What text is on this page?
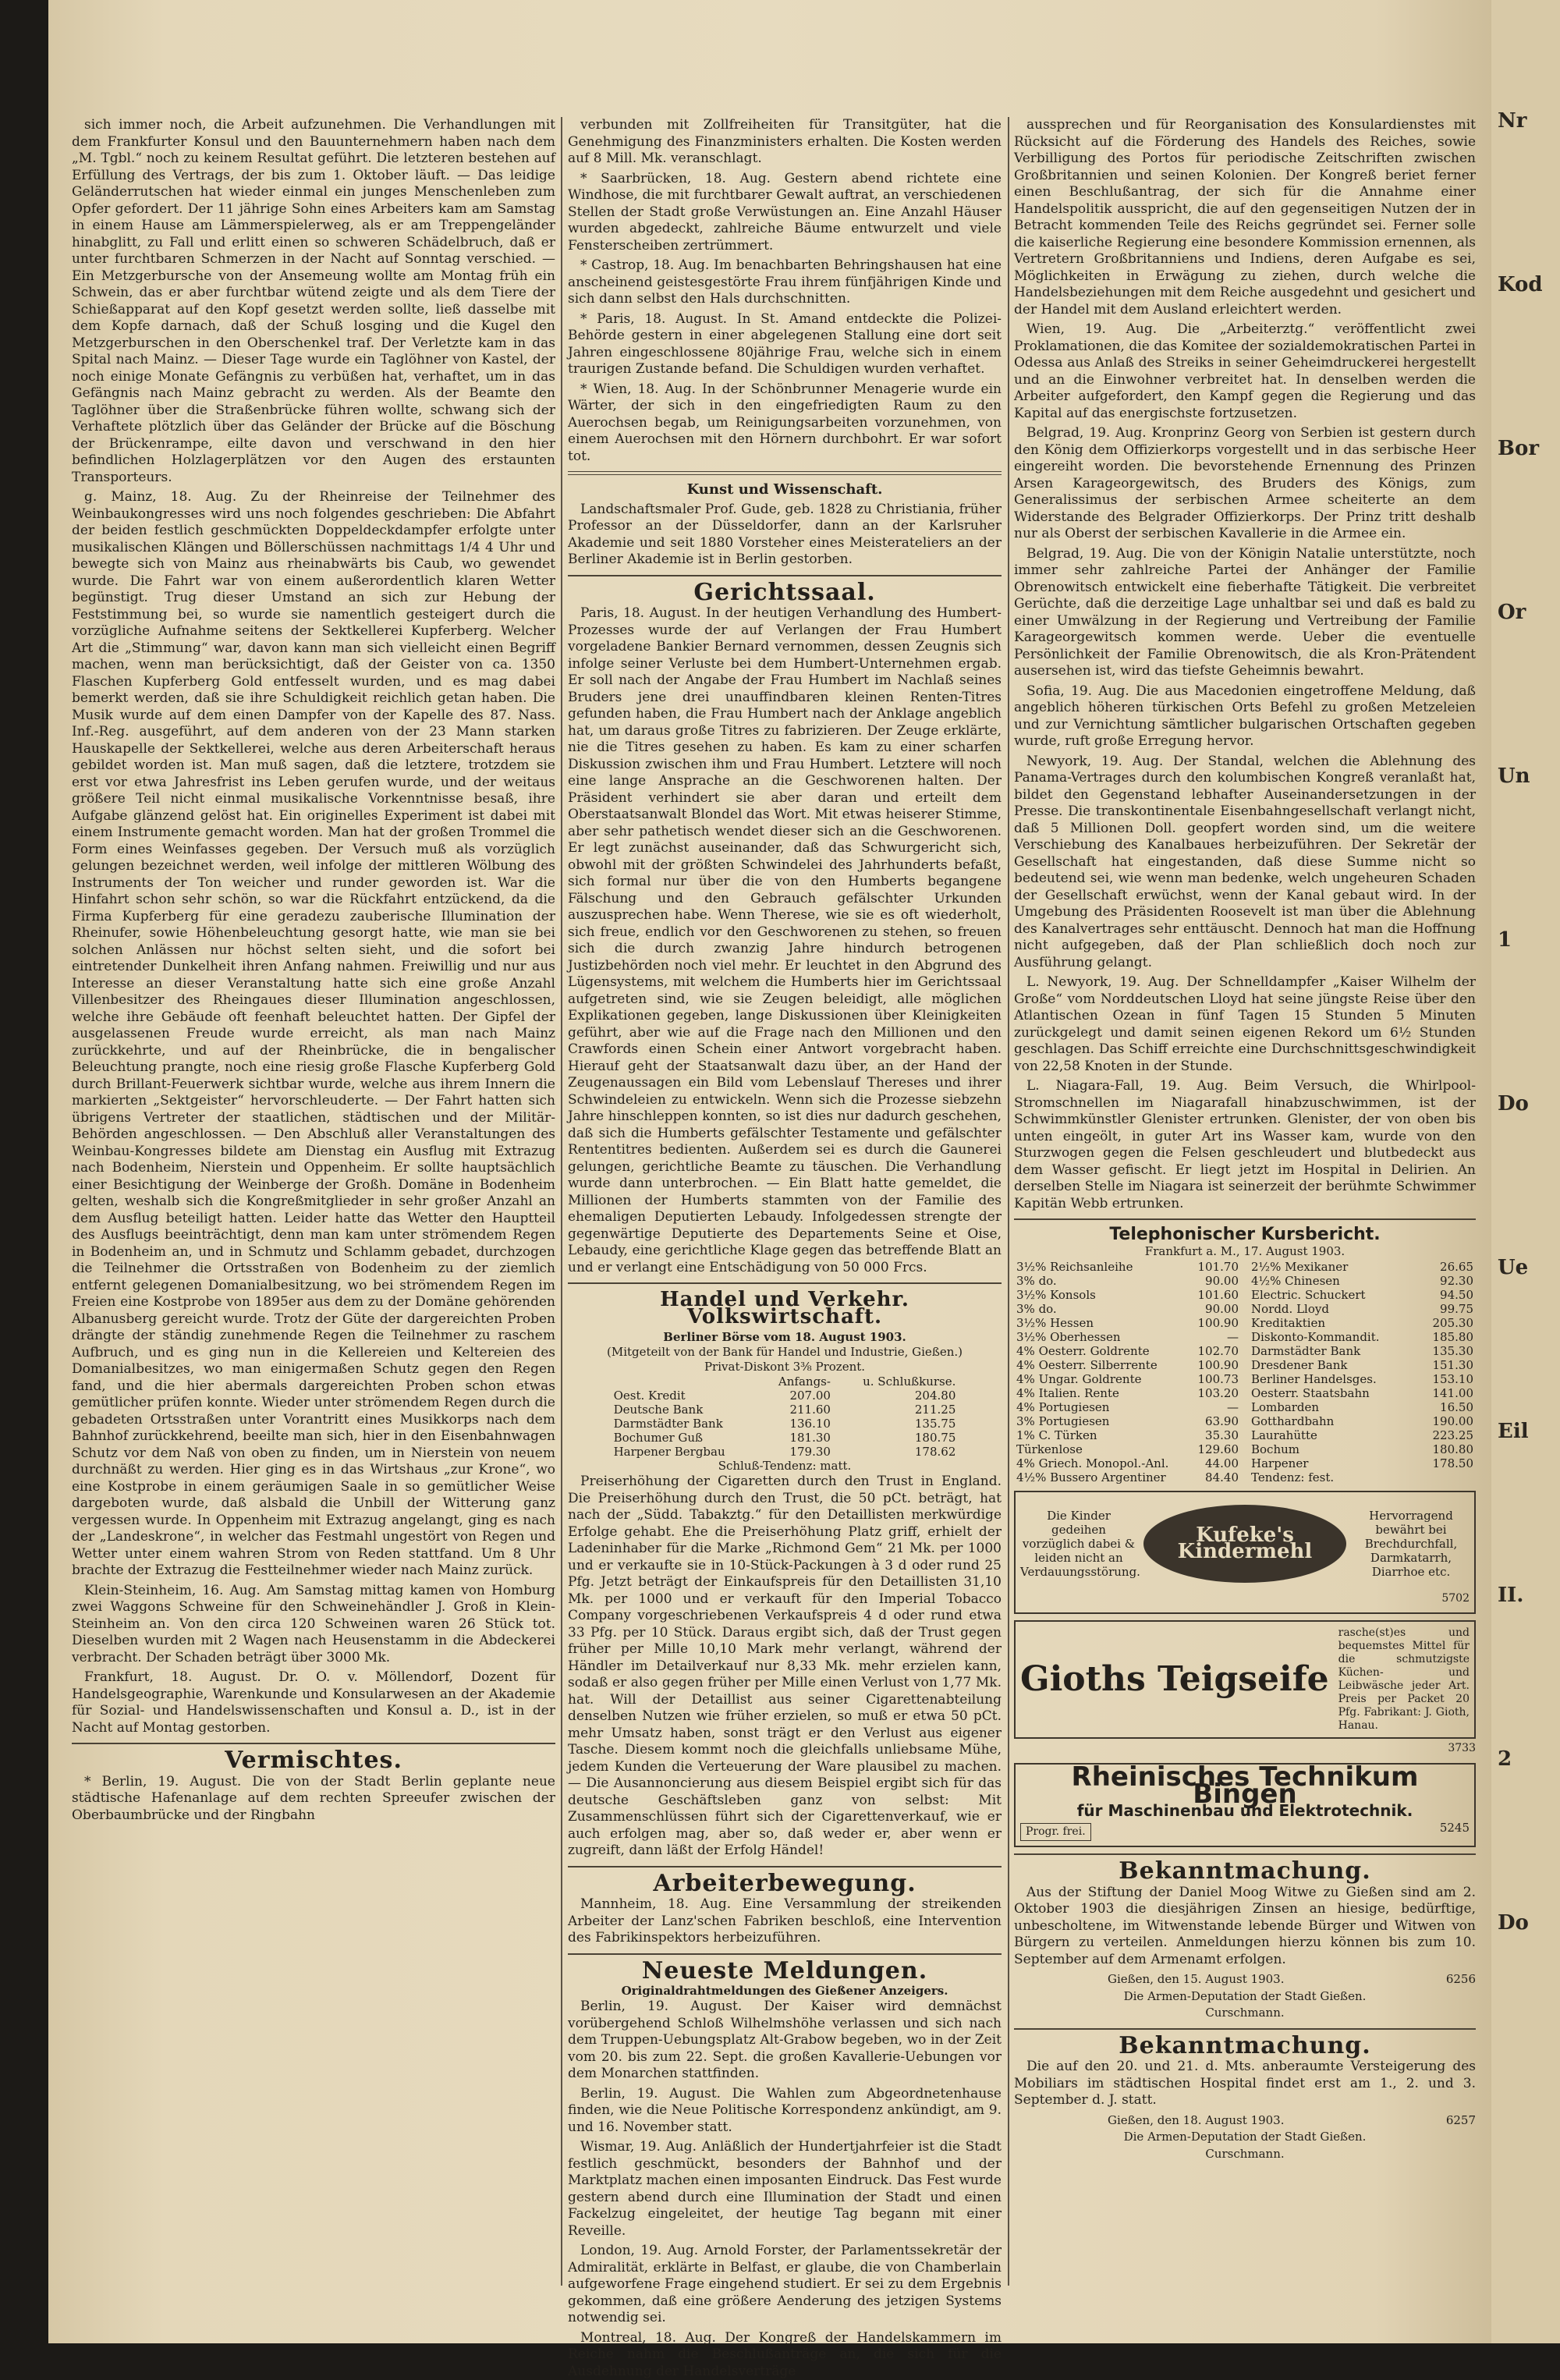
Nr
Kod
Bor
Or
Un
1
Do
Ue
Eil
II.
2
Do

sich immer noch, die Arbeit aufzunehmen. Die Verhandlungen mit dem Frankfurter Konsul und den Bauunternehmern haben nach dem „M. Tgbl.“ noch zu keinem Resultat geführt. Die letzteren bestehen auf Erfüllung des Vertrags, der bis zum 1. Oktober läuft. — Das leidige Geländerrutschen hat wieder einmal ein junges Menschenleben zum Opfer gefordert. Der 11 jährige Sohn eines Arbeiters kam am Samstag in einem Hause am Lämmerspielerweg, als er am Treppengeländer hinabglitt, zu Fall und erlitt einen so schweren Schädelbruch, daß er unter furchtbaren Schmerzen in der Nacht auf Sonntag verschied. — Ein Metzgerbursche von der Ansemeung wollte am Montag früh ein Schwein, das er aber furchtbar wütend zeigte und als dem Tiere der Schießapparat auf den Kopf gesetzt werden sollte, ließ dasselbe mit dem Kopfe darnach, daß der Schuß losging und die Kugel den Metzgerburschen in den Oberschenkel traf. Der Verletzte kam in das Spital nach Mainz. — Dieser Tage wurde ein Taglöhner von Kastel, der noch einige Monate Gefängnis zu verbüßen hat, verhaftet, um in das Gefängnis nach Mainz gebracht zu werden. Als der Beamte den Taglöhner über die Straßenbrücke führen wollte, schwang sich der Verhaftete plötzlich über das Geländer der Brücke auf die Böschung der Brückenrampe, eilte davon und verschwand in den hier befindlichen Holzlagerplätzen vor den Augen des erstaunten Transporteurs.

g. Mainz, 18. Aug. Zu der Rheinreise der Teilnehmer des Weinbaukongresses wird uns noch folgendes geschrieben: Die Abfahrt der beiden festlich geschmückten Doppeldeckdampfer erfolgte unter musikalischen Klängen und Böllerschüssen nachmittags 1/4 4 Uhr und bewegte sich von Mainz aus rheinabwärts bis Caub, wo gewendet wurde. Die Fahrt war von einem außerordentlich klaren Wetter begünstigt. Trug dieser Umstand an sich zur Hebung der Feststimmung bei, so wurde sie namentlich gesteigert durch die vorzügliche Aufnahme seitens der Sektkellerei Kupferberg. Welcher Art die „Stimmung“ war, davon kann man sich vielleicht einen Begriff machen, wenn man berücksichtigt, daß der Geister von ca. 1350 Flaschen Kupferberg Gold entfesselt wurden, und es mag dabei bemerkt werden, daß sie ihre Schuldigkeit reichlich getan haben. Die Musik wurde auf dem einen Dampfer von der Kapelle des 87. Nass. Inf.-Reg. ausgeführt, auf dem anderen von der 23 Mann starken Hauskapelle der Sektkellerei, welche aus deren Arbeiterschaft heraus gebildet worden ist. Man muß sagen, daß die letztere, trotzdem sie erst vor etwa Jahresfrist ins Leben gerufen wurde, und der weitaus größere Teil nicht einmal musikalische Vorkenntnisse besaß, ihre Aufgabe glänzend gelöst hat. Ein originelles Experiment ist dabei mit einem Instrumente gemacht worden. Man hat der großen Trommel die Form eines Weinfasses gegeben. Der Versuch muß als vorzüglich gelungen bezeichnet werden, weil infolge der mittleren Wölbung des Instruments der Ton weicher und runder geworden ist. War die Hinfahrt schon sehr schön, so war die Rückfahrt entzückend, da die Firma Kupferberg für eine geradezu zauberische Illumination der Rheinufer, sowie Höhenbeleuchtung gesorgt hatte, wie man sie bei solchen Anlässen nur höchst selten sieht, und die sofort bei eintretender Dunkelheit ihren Anfang nahmen. Freiwillig und nur aus Interesse an dieser Veranstaltung hatte sich eine große Anzahl Villenbesitzer des Rheingaues dieser Illumination angeschlossen, welche ihre Gebäude oft feenhaft beleuchtet hatten. Der Gipfel der ausgelassenen Freude wurde erreicht, als man nach Mainz zurückkehrte, und auf der Rheinbrücke, die in bengalischer Beleuchtung prangte, noch eine riesig große Flasche Kupferberg Gold durch Brillant-Feuerwerk sichtbar wurde, welche aus ihrem Innern die markierten „Sektgeister“ hervorschleuderte. — Der Fahrt hatten sich übrigens Vertreter der staatlichen, städtischen und der Militär-Behörden angeschlossen. — Den Abschluß aller Veranstaltungen des Weinbau-Kongresses bildete am Dienstag ein Ausflug mit Extrazug nach Bodenheim, Nierstein und Oppenheim. Er sollte hauptsächlich einer Besichtigung der Weinberge der Großh. Domäne in Bodenheim gelten, weshalb sich die Kongreßmitglieder in sehr großer Anzahl an dem Ausflug beteiligt hatten. Leider hatte das Wetter den Hauptteil des Ausflugs beeinträchtigt, denn man kam unter strömendem Regen in Bodenheim an, und in Schmutz und Schlamm gebadet, durchzogen die Teilnehmer die Ortsstraßen von Bodenheim zu der ziemlich entfernt gelegenen Domanialbesitzung, wo bei strömendem Regen im Freien eine Kostprobe von 1895er aus dem zu der Domäne gehörenden Albanusberg gereicht wurde. Trotz der Güte der dargereichten Proben drängte der ständig zunehmende Regen die Teilnehmer zu raschem Aufbruch, und es ging nun in die Kellereien und Keltereien des Domanialbesitzes, wo man einigermaßen Schutz gegen den Regen fand, und die hier abermals dargereichten Proben schon etwas gemütlicher prüfen konnte. Wieder unter strömendem Regen durch die gebadeten Ortsstraßen unter Vorantritt eines Musikkorps nach dem Bahnhof zurückkehrend, beeilte man sich, hier in den Eisenbahnwagen Schutz vor dem Naß von oben zu finden, um in Nierstein von neuem durchnäßt zu werden. Hier ging es in das Wirtshaus „zur Krone“, wo eine Kostprobe in einem geräumigen Saale in so gemütlicher Weise dargeboten wurde, daß alsbald die Unbill der Witterung ganz vergessen wurde. In Oppenheim mit Extrazug angelangt, ging es nach der „Landeskrone“, in welcher das Festmahl ungestört von Regen und Wetter unter einem wahren Strom von Reden stattfand. Um 8 Uhr brachte der Extrazug die Festteilnehmer wieder nach Mainz zurück.

Klein-Steinheim, 16. Aug. Am Samstag mittag kamen von Homburg zwei Waggons Schweine für den Schweinehändler J. Groß in Klein-Steinheim an. Von den circa 120 Schweinen waren 26 Stück tot. Dieselben wurden mit 2 Wagen nach Heusenstamm in die Abdeckerei verbracht. Der Schaden beträgt über 3000 Mk.

Frankfurt, 18. August. Dr. O. v. Möllendorf, Dozent für Handelsgeographie, Warenkunde und Konsularwesen an der Akademie für Sozial- und Handelswissenschaften und Konsul a. D., ist in der Nacht auf Montag gestorben.

Vermischtes.

* Berlin, 19. August. Die von der Stadt Berlin geplante neue städtische Hafenanlage auf dem rechten Spreeufer zwischen der Oberbaumbrücke und der Ringbahn

verbunden mit Zollfreiheiten für Transitgüter, hat die Genehmigung des Finanzministers erhalten. Die Kosten werden auf 8 Mill. Mk. veranschlagt.

* Saarbrücken, 18. Aug. Gestern abend richtete eine Windhose, die mit furchtbarer Gewalt auftrat, an verschiedenen Stellen der Stadt große Verwüstungen an. Eine Anzahl Häuser wurden abgedeckt, zahlreiche Bäume entwurzelt und viele Fensterscheiben zertrümmert.

* Castrop, 18. Aug. Im benachbarten Behringshausen hat eine anscheinend geistesgestörte Frau ihrem fünfjährigen Kinde und sich dann selbst den Hals durchschnitten.

* Paris, 18. August. In St. Amand entdeckte die Polizei-Behörde gestern in einer abgelegenen Stallung eine dort seit Jahren eingeschlossene 80jährige Frau, welche sich in einem traurigen Zustande befand. Die Schuldigen wurden verhaftet.

* Wien, 18. Aug. In der Schönbrunner Menagerie wurde ein Wärter, der sich in den eingefriedigten Raum zu den Auerochsen begab, um Reinigungsarbeiten vorzunehmen, von einem Auerochsen mit den Hörnern durchbohrt. Er war sofort tot.

Kunst und Wissenschaft.

Landschaftsmaler Prof. Gude, geb. 1828 zu Christiania, früher Professor an der Düsseldorfer, dann an der Karlsruher Akademie und seit 1880 Vorsteher eines Meisterateliers an der Berliner Akademie ist in Berlin gestorben.

Gerichtssaal.

Paris, 18. August. In der heutigen Verhandlung des Humbert-Prozesses wurde der auf Verlangen der Frau Humbert vorgeladene Bankier Bernard vernommen, dessen Zeugnis sich infolge seiner Verluste bei dem Humbert-Unternehmen ergab. Er soll nach der Angabe der Frau Humbert im Nachlaß seines Bruders jene drei unauffindbaren kleinen Renten-Titres gefunden haben, die Frau Humbert nach der Anklage angeblich hat, um daraus große Titres zu fabrizieren. Der Zeuge erklärte, nie die Titres gesehen zu haben. Es kam zu einer scharfen Diskussion zwischen ihm und Frau Humbert. Letztere will noch eine lange Ansprache an die Geschworenen halten. Der Präsident verhindert sie aber daran und erteilt dem Oberstaatsanwalt Blondel das Wort. Mit etwas heiserer Stimme, aber sehr pathetisch wendet dieser sich an die Geschworenen. Er legt zunächst auseinander, daß das Schwurgericht sich, obwohl mit der größten Schwindelei des Jahrhunderts befaßt, sich formal nur über die von den Humberts begangene Fälschung und den Gebrauch gefälschter Urkunden auszusprechen habe. Wenn Therese, wie sie es oft wiederholt, sich freue, endlich vor den Geschworenen zu stehen, so freuen sich die durch zwanzig Jahre hindurch betrogenen Justizbehörden noch viel mehr. Er leuchtet in den Abgrund des Lügensystems, mit welchem die Humberts hier im Gerichtssaal aufgetreten sind, wie sie Zeugen beleidigt, alle möglichen Explikationen gegeben, lange Diskussionen über Kleinigkeiten geführt, aber wie auf die Frage nach den Millionen und den Crawfords einen Schein einer Antwort vorgebracht haben. Hierauf geht der Staatsanwalt dazu über, an der Hand der Zeugenaussagen ein Bild vom Lebenslauf Thereses und ihrer Schwindeleien zu entwickeln. Wenn sich die Prozesse siebzehn Jahre hinschleppen konnten, so ist dies nur dadurch geschehen, daß sich die Humberts gefälschter Testamente und gefälschter Rententitres bedienten. Außerdem sei es durch die Gaunerei gelungen, gerichtliche Beamte zu täuschen. Die Verhandlung wurde dann unterbrochen. — Ein Blatt hatte gemeldet, die Millionen der Humberts stammten von der Familie des ehemaligen Deputierten Lebaudy. Infolgedessen strengte der gegenwärtige Deputierte des Departements Seine et Oise, Lebaudy, eine gerichtliche Klage gegen das betreffende Blatt an und er verlangt eine Entschädigung von 50 000 Frcs.

Handel und Verkehr. Volkswirtschaft.
Berliner Börse vom 18. August 1903.
(Mitgeteilt von der Bank für Handel und Industrie, Gießen.)
Privat-Diskont 3⅜ Prozent.
	Anfangs-	u. Schlußkurse.
Oest. Kredit	207.00	204.80
Deutsche Bank	211.60	211.25
Darmstädter Bank	136.10	135.75
Bochumer Guß	181.30	180.75
Harpener Bergbau	179.30	178.62
Schluß-Tendenz: matt.

Preiserhöhung der Cigaretten durch den Trust in England. Die Preiserhöhung durch den Trust, die 50 pCt. beträgt, hat nach der „Südd. Tabakztg.“ für den Detaillisten merkwürdige Erfolge gehabt. Ehe die Preiserhöhung Platz griff, erhielt der Ladeninhaber für die Marke „Richmond Gem“ 21 Mk. per 1000 und er verkaufte sie in 10-Stück-Packungen à 3 d oder rund 25 Pfg. Jetzt beträgt der Einkaufspreis für den Detaillisten 31,10 Mk. per 1000 und er verkauft für den Imperial Tobacco Company vorgeschriebenen Verkaufspreis 4 d oder rund etwa 33 Pfg. per 10 Stück. Daraus ergibt sich, daß der Trust gegen früher per Mille 10,10 Mark mehr verlangt, während der Händler im Detailverkauf nur 8,33 Mk. mehr erzielen kann, sodaß er also gegen früher per Mille einen Verlust von 1,77 Mk. hat. Will der Detaillist aus seiner Cigarettenabteilung denselben Nutzen wie früher erzielen, so muß er etwa 50 pCt. mehr Umsatz haben, sonst trägt er den Verlust aus eigener Tasche. Diesem kommt noch die gleichfalls unliebsame Mühe, jedem Kunden die Verteuerung der Ware plausibel zu machen. — Die Ausannoncierung aus diesem Beispiel ergibt sich für das deutsche Geschäftsleben ganz von selbst: Mit Zusammenschlüssen führt sich der Cigarettenverkauf, wie er auch erfolgen mag, aber so, daß weder er, aber wenn er zugreift, dann läßt der Erfolg Händel!

Arbeiterbewegung.

Mannheim, 18. Aug. Eine Versammlung der streikenden Arbeiter der Lanz'schen Fabriken beschloß, eine Intervention des Fabrikinspektors herbeizuführen.

Neueste Meldungen.
Originaldrahtmeldungen des Gießener Anzeigers.

Berlin, 19. August. Der Kaiser wird demnächst vorübergehend Schloß Wilhelmshöhe verlassen und sich nach dem Truppen-Uebungsplatz Alt-Grabow begeben, wo in der Zeit vom 20. bis zum 22. Sept. die großen Kavallerie-Uebungen vor dem Monarchen stattfinden.

Berlin, 19. August. Die Wahlen zum Abgeordnetenhause finden, wie die Neue Politische Korrespondenz ankündigt, am 9. und 16. November statt.

Wismar, 19. Aug. Anläßlich der Hundertjahrfeier ist die Stadt festlich geschmückt, besonders der Bahnhof und der Marktplatz machen einen imposanten Eindruck. Das Fest wurde gestern abend durch eine Illumination der Stadt und einen Fackelzug eingeleitet, der heutige Tag begann mit einer Reveille.

London, 19. Aug. Arnold Forster, der Parlamentssekretär der Admiralität, erklärte in Belfast, er glaube, die von Chamberlain aufgeworfene Frage eingehend studiert. Er sei zu dem Ergebnis gekommen, daß eine größere Aenderung des jetzigen Systems notwendig sei.

Montreal, 18. Aug. Der Kongreß der Handelskammern im Reiche nahm die Beschlußanträge an, die sich für die Ausdehnung der Handelsverträge

aussprechen und für Reorganisation des Konsulardienstes mit Rücksicht auf die Förderung des Handels des Reiches, sowie Verbilligung des Portos für periodische Zeitschriften zwischen Großbritannien und seinen Kolonien. Der Kongreß beriet ferner einen Beschlußantrag, der sich für die Annahme einer Handelspolitik ausspricht, die auf den gegenseitigen Nutzen der in Betracht kommenden Teile des Reichs gegründet sei. Ferner solle die kaiserliche Regierung eine besondere Kommission ernennen, als Vertretern Großbritanniens und Indiens, deren Aufgabe es sei, Möglichkeiten in Erwägung zu ziehen, durch welche die Handelsbeziehungen mit dem Reiche ausgedehnt und gesichert und der Handel mit dem Ausland erleichtert werden.

Wien, 19. Aug. Die „Arbeiterztg.“ veröffentlicht zwei Proklamationen, die das Komitee der sozialdemokratischen Partei in Odessa aus Anlaß des Streiks in seiner Geheimdruckerei hergestellt und an die Einwohner verbreitet hat. In denselben werden die Arbeiter aufgefordert, den Kampf gegen die Regierung und das Kapital auf das energischste fortzusetzen.

Belgrad, 19. Aug. Kronprinz Georg von Serbien ist gestern durch den König dem Offizierkorps vorgestellt und in das serbische Heer eingereiht worden. Die bevorstehende Ernennung des Prinzen Arsen Karageorgewitsch, des Bruders des Königs, zum Generalissimus der serbischen Armee scheiterte an dem Widerstande des Belgrader Offizierkorps. Der Prinz tritt deshalb nur als Oberst der serbischen Kavallerie in die Armee ein.

Belgrad, 19. Aug. Die von der Königin Natalie unterstützte, noch immer sehr zahlreiche Partei der Anhänger der Familie Obrenowitsch entwickelt eine fieberhafte Tätigkeit. Die verbreitet Gerüchte, daß die derzeitige Lage unhaltbar sei und daß es bald zu einer Umwälzung in der Regierung und Vertreibung der Familie Karageorgewitsch kommen werde. Ueber die eventuelle Persönlichkeit der Familie Obrenowitsch, die als Kron-Prätendent ausersehen ist, wird das tiefste Geheimnis bewahrt.

Sofia, 19. Aug. Die aus Macedonien eingetroffene Meldung, daß angeblich höheren türkischen Orts Befehl zu großen Metzeleien und zur Vernichtung sämtlicher bulgarischen Ortschaften gegeben wurde, ruft große Erregung hervor.

Newyork, 19. Aug. Der Standal, welchen die Ablehnung des Panama-Vertrages durch den kolumbischen Kongreß veranlaßt hat, bildet den Gegenstand lebhafter Auseinandersetzungen in der Presse. Die transkontinentale Eisenbahngesellschaft verlangt nicht, daß 5 Millionen Doll. geopfert worden sind, um die weitere Verschiebung des Kanalbaues herbeizuführen. Der Sekretär der Gesellschaft hat eingestanden, daß diese Summe nicht so bedeutend sei, wie wenn man bedenke, welch ungeheuren Schaden der Gesellschaft erwüchst, wenn der Kanal gebaut wird. In der Umgebung des Präsidenten Roosevelt ist man über die Ablehnung des Kanalvertrages sehr enttäuscht. Dennoch hat man die Hoffnung nicht aufgegeben, daß der Plan schließlich doch noch zur Ausführung gelangt.

L. Newyork, 19. Aug. Der Schnelldampfer „Kaiser Wilhelm der Große“ vom Norddeutschen Lloyd hat seine jüngste Reise über den Atlantischen Ozean in fünf Tagen 15 Stunden 5 Minuten zurückgelegt und damit seinen eigenen Rekord um 6½ Stunden geschlagen. Das Schiff erreichte eine Durchschnittsgeschwindigkeit von 22,58 Knoten in der Stunde.

L. Niagara-Fall, 19. Aug. Beim Versuch, die Whirlpool-Stromschnellen im Niagarafall hinabzuschwimmen, ist der Schwimmkünstler Glenister ertrunken. Glenister, der von oben bis unten eingeölt, in guter Art ins Wasser kam, wurde von den Sturzwogen gegen die Felsen geschleudert und blutbedeckt aus dem Wasser gefischt. Er liegt jetzt im Hospital in Delirien. An derselben Stelle im Niagara ist seinerzeit der berühmte Schwimmer Kapitän Webb ertrunken.

Telephonischer Kursbericht.
Frankfurt a. M., 17. August 1903.
3½% Reichsanleihe	101.70
3% do.	90.00
3½% Konsols	101.60
3% do.	90.00
3½% Hessen	100.90
3½% Oberhessen	—
4% Oesterr. Goldrente	102.70
4% Oesterr. Silberrente	100.90
4% Ungar. Goldrente	100.73
4% Italien. Rente	103.20
4% Portugiesen	—
3% Portugiesen	63.90
1% C. Türken	35.30
Türkenlose	129.60
4% Griech. Monopol.-Anl.	44.00
4½% Bussero Argentiner	84.40
2½% Mexikaner	26.65
4½% Chinesen	92.30
Electric. Schuckert	94.50
Nordd. Lloyd	99.75
Kreditaktien	205.30
Diskonto-Kommandit.	185.80
Darmstädter Bank	135.30
Dresdener Bank	151.30
Berliner Handelsges.	153.10
Oesterr. Staatsbahn	141.00
Lombarden	16.50
Gotthardbahn	190.00
Laurahütte	223.25
Bochum	180.80
Harpener	178.50
Tendenz: fest.	
Die Kinder gedeihen vorzüglich dabei & leiden nicht an Verdauungsstörung.
Kufeke's
Kindermehl
Hervorragend bewährt bei Brechdurchfall, Darmkatarrh, Diarrhoe etc.
5702
Gioths Teigseife
rasche(st)es und bequemstes Mittel für die schmutzigste Küchen- und Leibwäsche jeder Art. Preis per Packet 20 Pfg. Fabrikant: J. Gioth, Hanau.
3733
Rheinisches Technikum Bingen
für Maschinenbau und Elektrotechnik.
Progr. frei.	5245
Bekanntmachung.

Aus der Stiftung der Daniel Moog Witwe zu Gießen sind am 2. Oktober 1903 die diesjährigen Zinsen an hiesige, bedürftige, unbescholtene, im Witwenstande lebende Bürger und Witwen von Bürgern zu verteilen. Anmeldungen hierzu können bis zum 10. September auf dem Armenamt erfolgen.

Gießen, den 15. August 1903.	6256
Die Armen-Deputation der Stadt Gießen.
Curschmann.
Bekanntmachung.

Die auf den 20. und 21. d. Mts. anberaumte Versteigerung des Mobiliars im städtischen Hospital findet erst am 1., 2. und 3. September d. J. statt.

Gießen, den 18. August 1903.	6257
Die Armen-Deputation der Stadt Gießen.
Curschmann.
